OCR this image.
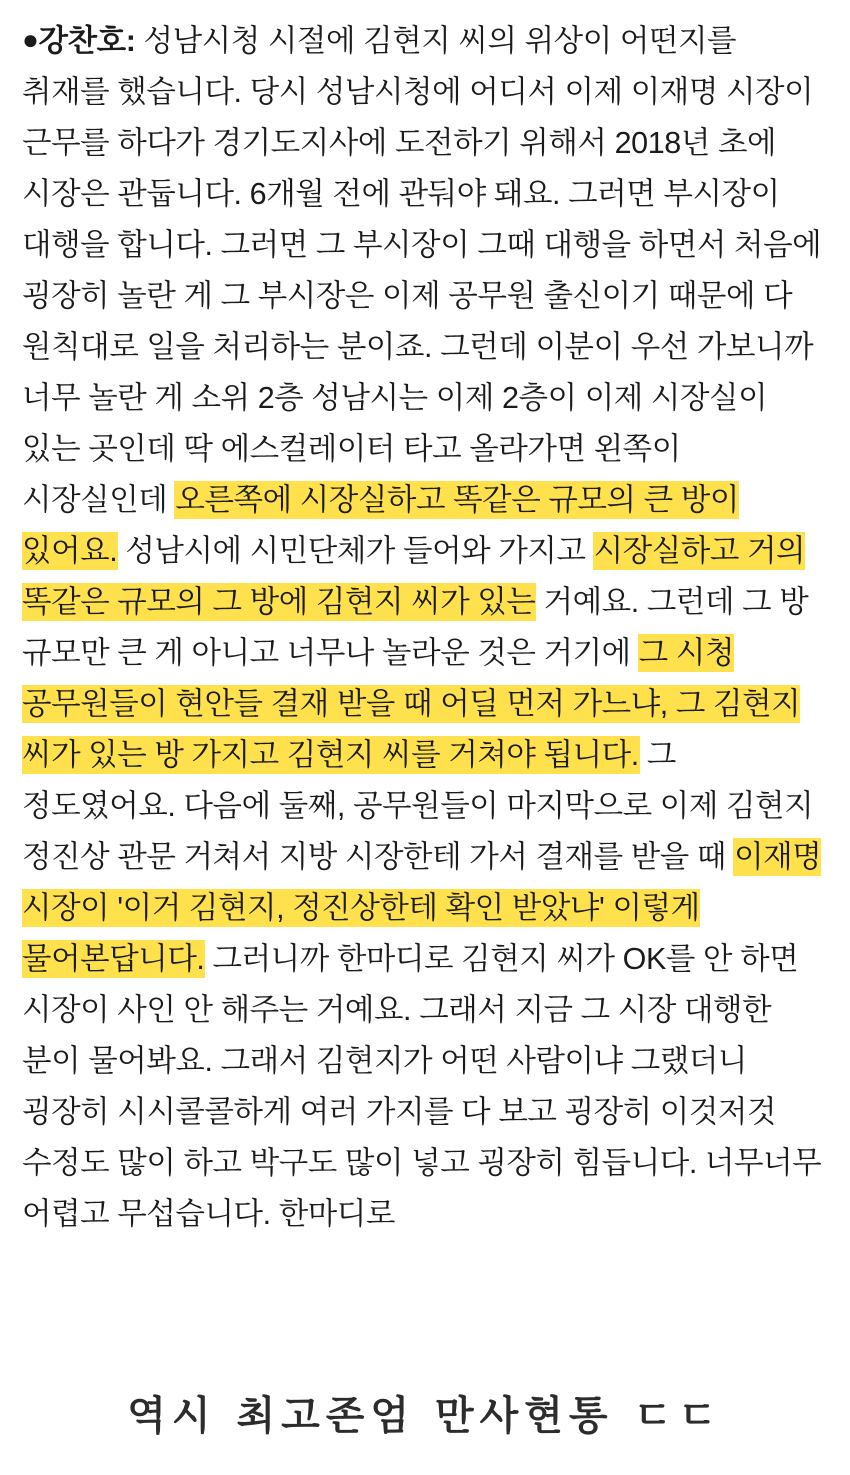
●강찬호: 성남시청 시절에 김현지 씨의 위상이 어떤지를 취재를 했습니다. 당시 성남시청에 어디서 이제 이재명 시장이 근무를 하다가 경기도지사에 도전하기 위해서 2018년 초에 시장은 관둡니다. 6개월 전에 관둬야 돼요. 그러면 부시장이 대행을 합니다. 그러면 그 부시장이 그때 대행을 하면서 처음에 굉장히 놀란 게 그 부시장은 이제 공무원 출신이기 때문에 다 원칙대로 일을 처리하는 분이죠. 그런데 이분이 우선 가보니까 너무 놀란 게 소위 2층 성남시는 이제 2층이 이제 시장실이 있는 곳인데 딱 에스컬레이터 타고 올라가면 왼쪽이 시장실인데 오른쪽에 시장실하고 똑같은 규모의 큰 방이 있어요. 성남시에 시민단체가 들어와 가지고 시장실하고 거의 똑같은 규모의 그 방에 김현지 씨가 있는 거예요. 그런데 그 방 규모만 큰 게 아니고 너무나 놀라운 것은 거기에 그 시청 공무원들이 현안들 결재 받을 때 어딜 먼저 가느냐, 그 김현지 씨가 있는 방 가지고 김현지 씨를 거쳐야 됩니다. 그 정도였어요. 다음에 둘째, 공무원들이 마지막으로 이제 김현지 정진상 관문 거쳐서 지방 시장한테 가서 결재를 받을 때 이재명 시장이 '이거 김현지, 정진상한테 확인 받았냐' 이렇게 물어본답니다. 그러니까 한마디로 김현지 씨가 OK를 안 하면 시장이 사인 안 해주는 거예요. 그래서 지금 그 시장 대행한 분이 물어봐요. 그래서 김현지가 어떤 사람이냐 그랬더니 굉장히 시시콜콜하게 여러 가지를 다 보고 굉장히 이것저것 수정도 많이 하고 박구도 많이 넣고 굉장히 힘듭니다. 너무너무 어렵고 무섭습니다. 한마디로
역시 최고존엄 만사현통 ㄷㄷ
